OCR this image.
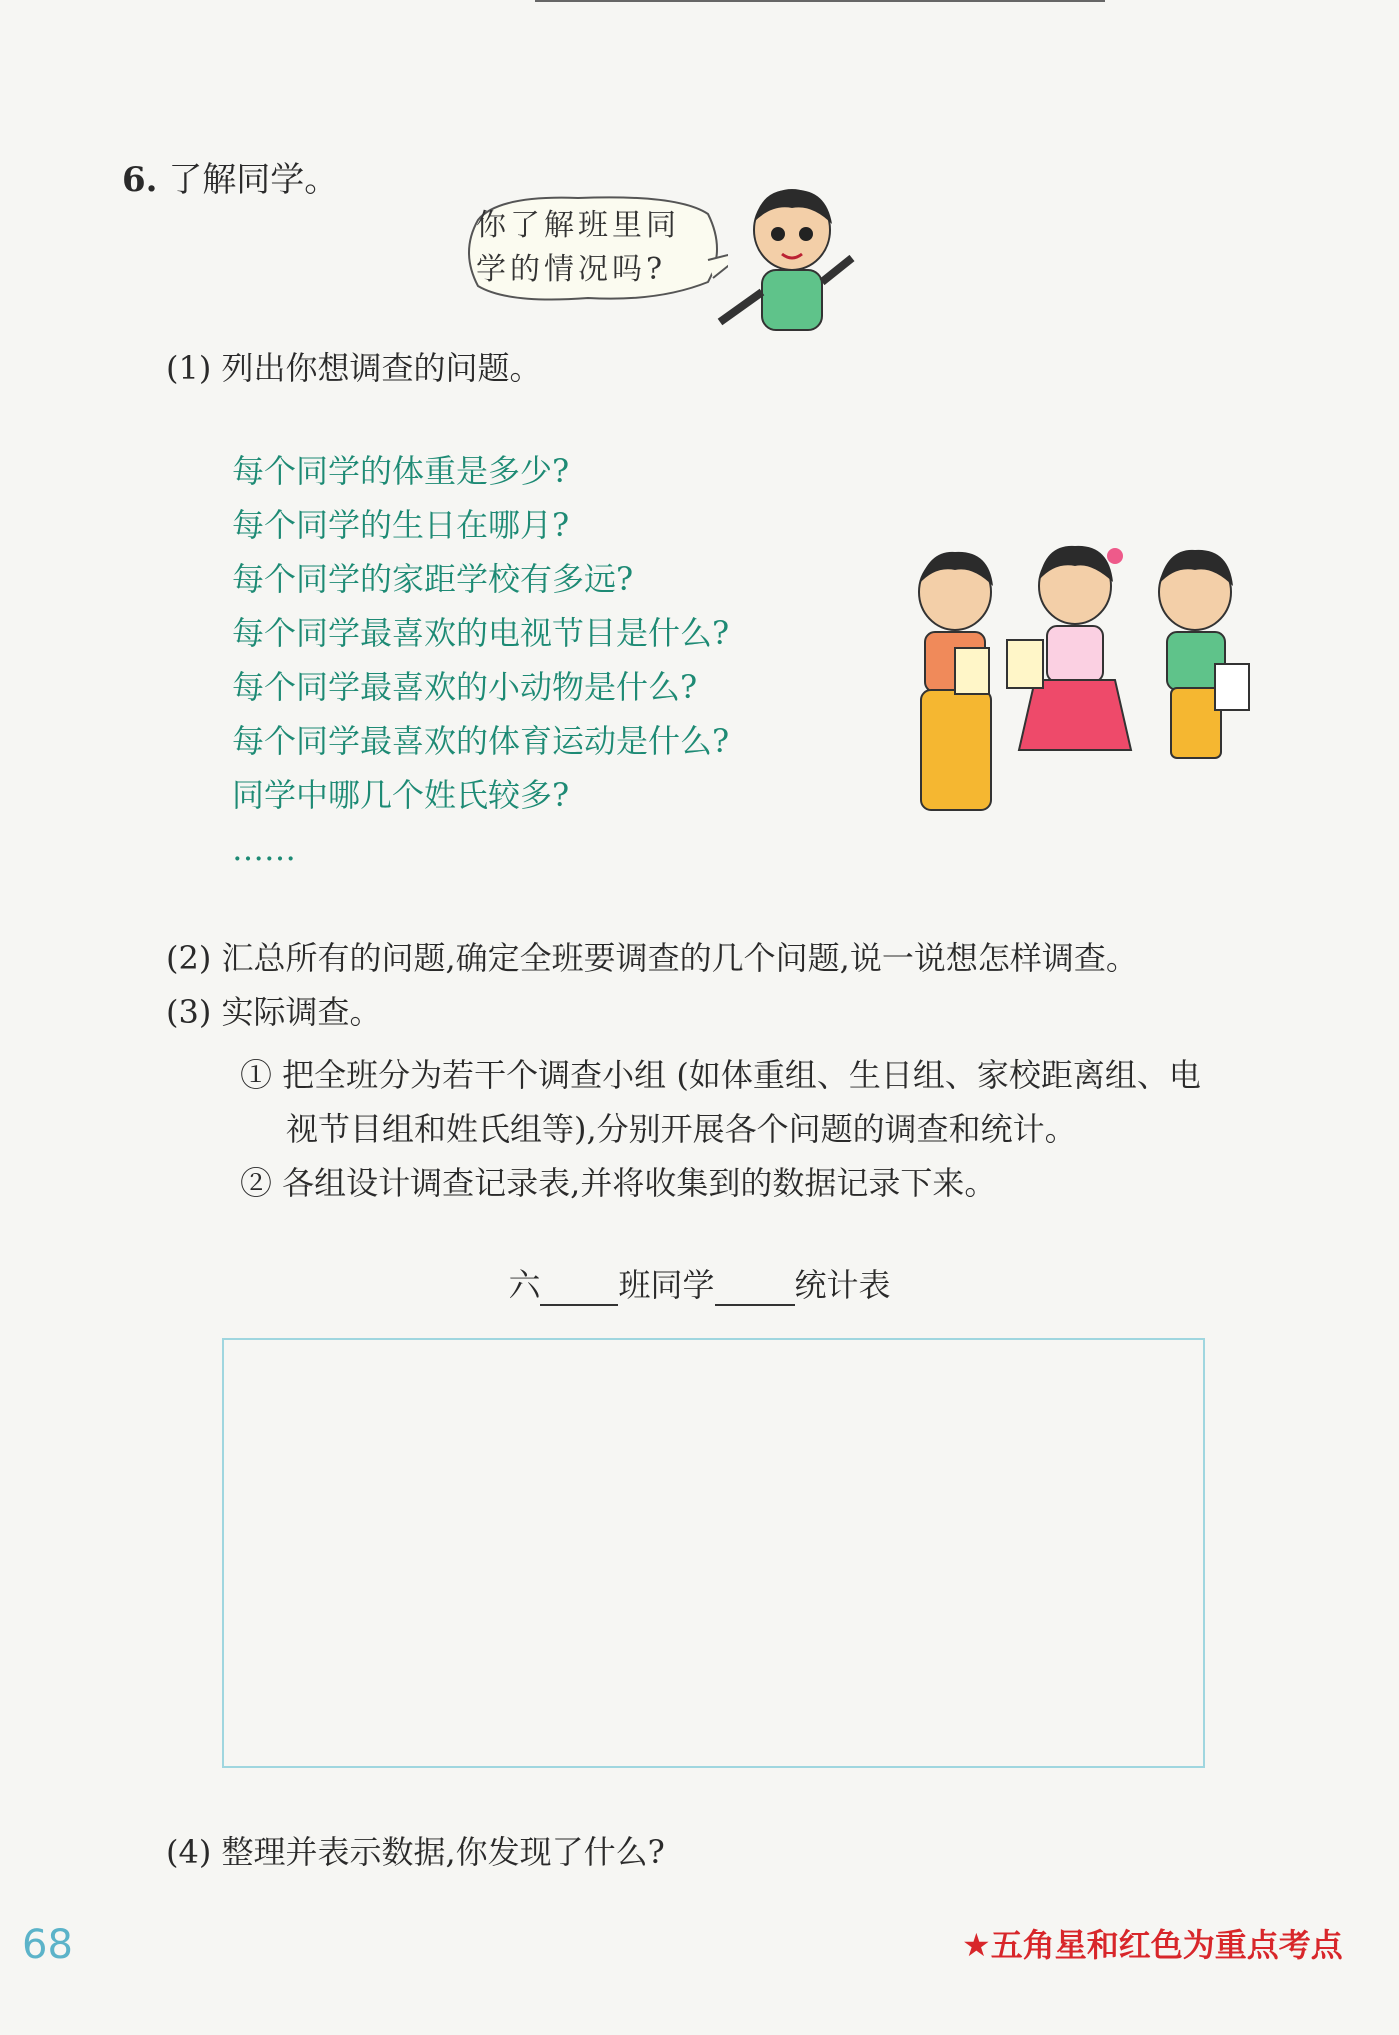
6. 了解同学。
你了解班里同
学的情况吗?
(1) 列出你想调查的问题。
每个同学的体重是多少?
每个同学的生日在哪月?
每个同学的家距学校有多远?
每个同学最喜欢的电视节目是什么?
每个同学最喜欢的小动物是什么?
每个同学最喜欢的体育运动是什么?
同学中哪几个姓氏较多?
……
(2) 汇总所有的问题,确定全班要调查的几个问题,说一说想怎样调查。
(3) 实际调查。
① 把全班分为若干个调查小组 (如体重组、生日组、家校距离组、电
视节目组和姓氏组等),分别开展各个问题的调查和统计。
② 各组设计调查记录表,并将收集到的数据记录下来。
六 班同学	统计表
(4) 整理并表示数据,你发现了什么?
68	★五角星和红色为重点考点
